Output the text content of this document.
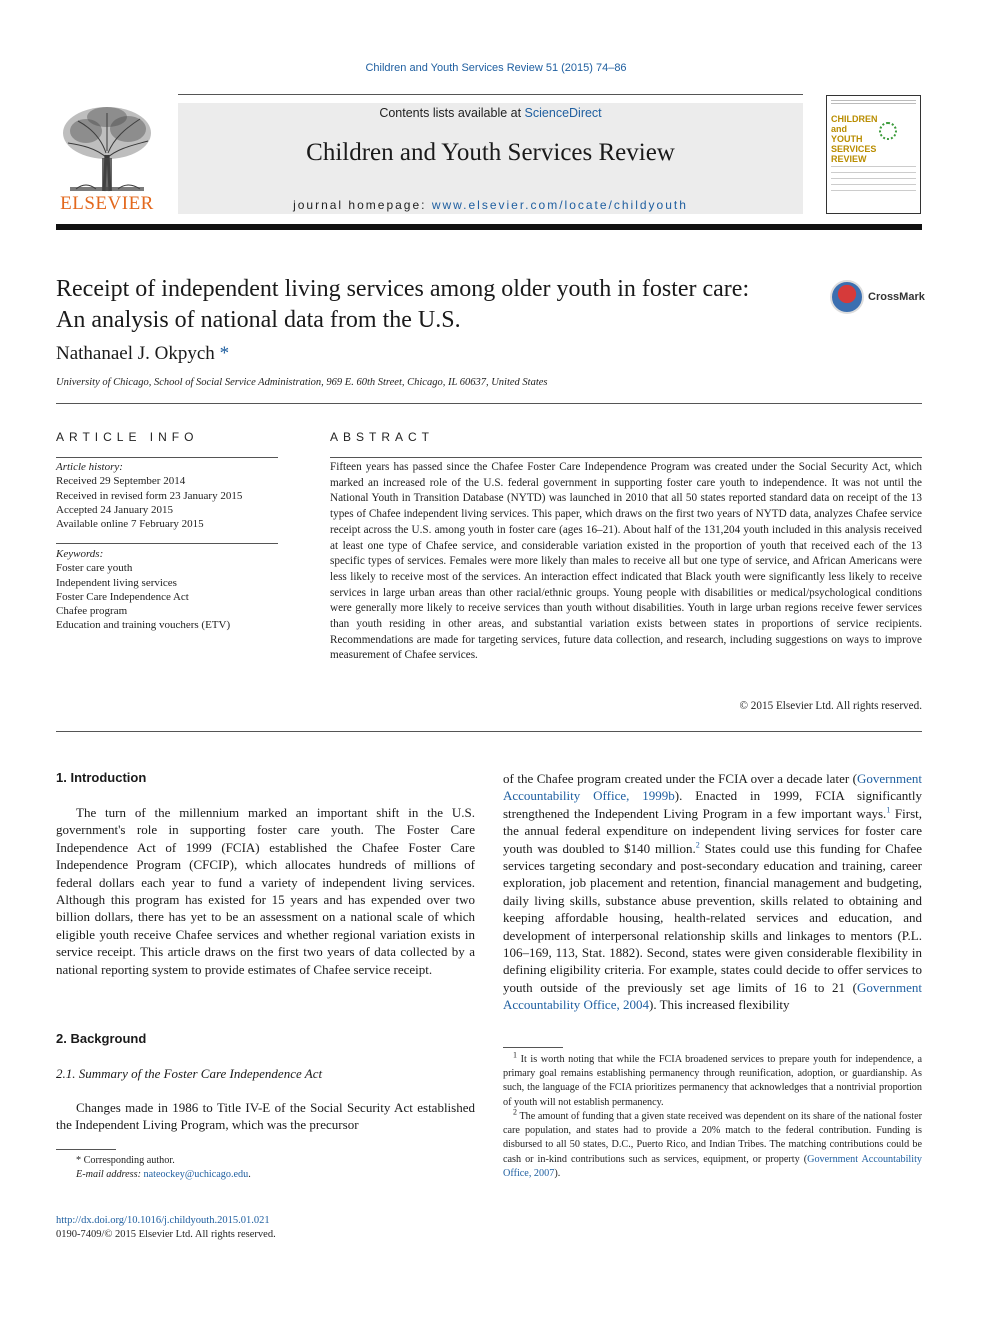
Children and Youth Services Review 51 (2015) 74–86
ELSEVIER
Contents lists available at ScienceDirect
Children and Youth Services Review
journal homepage: www.elsevier.com/locate/childyouth
CHILDREN
and
YOUTH
SERVICES
REVIEW
Receipt of independent living services among older youth in foster care:
An analysis of national data from the U.S.
CrossMark
Nathanael J. Okpych *
University of Chicago, School of Social Service Administration, 969 E. 60th Street, Chicago, IL 60637, United States
ARTICLE INFO	ABSTRACT
Article history:
Received 29 September 2014
Received in revised form 23 January 2015
Accepted 24 January 2015
Available online 7 February 2015
Keywords:
Foster care youth
Independent living services
Foster Care Independence Act
Chafee program
Education and training vouchers (ETV)
Fifteen years has passed since the Chafee Foster Care Independence Program was created under the Social Security Act, which marked an increased role of the U.S. federal government in supporting foster care youth to independence. It was not until the National Youth in Transition Database (NYTD) was launched in 2010 that all 50 states reported standard data on receipt of the 13 types of Chafee independent living services. This paper, which draws on the first two years of NYTD data, analyzes Chafee service receipt across the U.S. among youth in foster care (ages 16–21). About half of the 131,204 youth included in this analysis received at least one type of Chafee service, and considerable variation existed in the proportion of youth that received each of the 13 specific types of services. Females were more likely than males to receive all but one type of service, and African Americans were less likely to receive most of the services. An interaction effect indicated that Black youth were significantly less likely to receive services in large urban areas than other racial/ethnic groups. Young people with disabilities or medical/psychological conditions were generally more likely to receive services than youth without disabilities. Youth in large urban regions receive fewer services than youth residing in other areas, and substantial variation exists between states in proportions of service recipients. Recommendations are made for targeting services, future data collection, and research, including suggestions on ways to improve measurement of Chafee services.
© 2015 Elsevier Ltd. All rights reserved.
1. Introduction
The turn of the millennium marked an important shift in the U.S. government's role in supporting foster care youth. The Foster Care Independence Act of 1999 (FCIA) established the Chafee Foster Care Independence Program (CFCIP), which allocates hundreds of millions of federal dollars each year to fund a variety of independent living services. Although this program has existed for 15 years and has expended over two billion dollars, there has yet to be an assessment on a national scale of which eligible youth receive Chafee services and whether regional variation exists in service receipt. This article draws on the first two years of data collected by a national reporting system to provide estimates of Chafee service receipt.
2. Background
2.1. Summary of the Foster Care Independence Act
Changes made in 1986 to Title IV-E of the Social Security Act established the Independent Living Program, which was the precursor
of the Chafee program created under the FCIA over a decade later (Government Accountability Office, 1999b). Enacted in 1999, FCIA significantly strengthened the Independent Living Program in a few important ways.$^1$ First, the annual federal expenditure on independent living services for foster care youth was doubled to $140 million.$^2$ States could use this funding for Chafee services targeting secondary and post-secondary education and training, career exploration, job placement and retention, financial management and budgeting, daily living skills, substance abuse prevention, skills related to obtaining and keeping affordable housing, health-related services and education, and development of interpersonal relationship skills and linkages to mentors (P.L. 106–169, 113, Stat. 1882). Second, states were given considerable flexibility in defining eligibility criteria. For example, states could decide to offer services to youth outside of the previously set age limits of 16 to 21 (Government Accountability Office, 2004). This increased flexibility
$^1$ It is worth noting that while the FCIA broadened services to prepare youth for independence, a primary goal remains establishing permanency through reunification, adoption, or guardianship. As such, the language of the FCIA prioritizes permanency that acknowledges that a nontrivial proportion of youth will not establish permanency.
$^2$ The amount of funding that a given state received was dependent on its share of the national foster care population, and states had to provide a 20% match to the federal contribution. Funding is disbursed to all 50 states, D.C., Puerto Rico, and Indian Tribes. The matching contributions could be cash or in-kind contributions such as services, equipment, or property (Government Accountability Office, 2007).
* Corresponding author.
E-mail address: nateockey@uchicago.edu.
http://dx.doi.org/10.1016/j.childyouth.2015.01.021
0190-7409/© 2015 Elsevier Ltd. All rights reserved.
